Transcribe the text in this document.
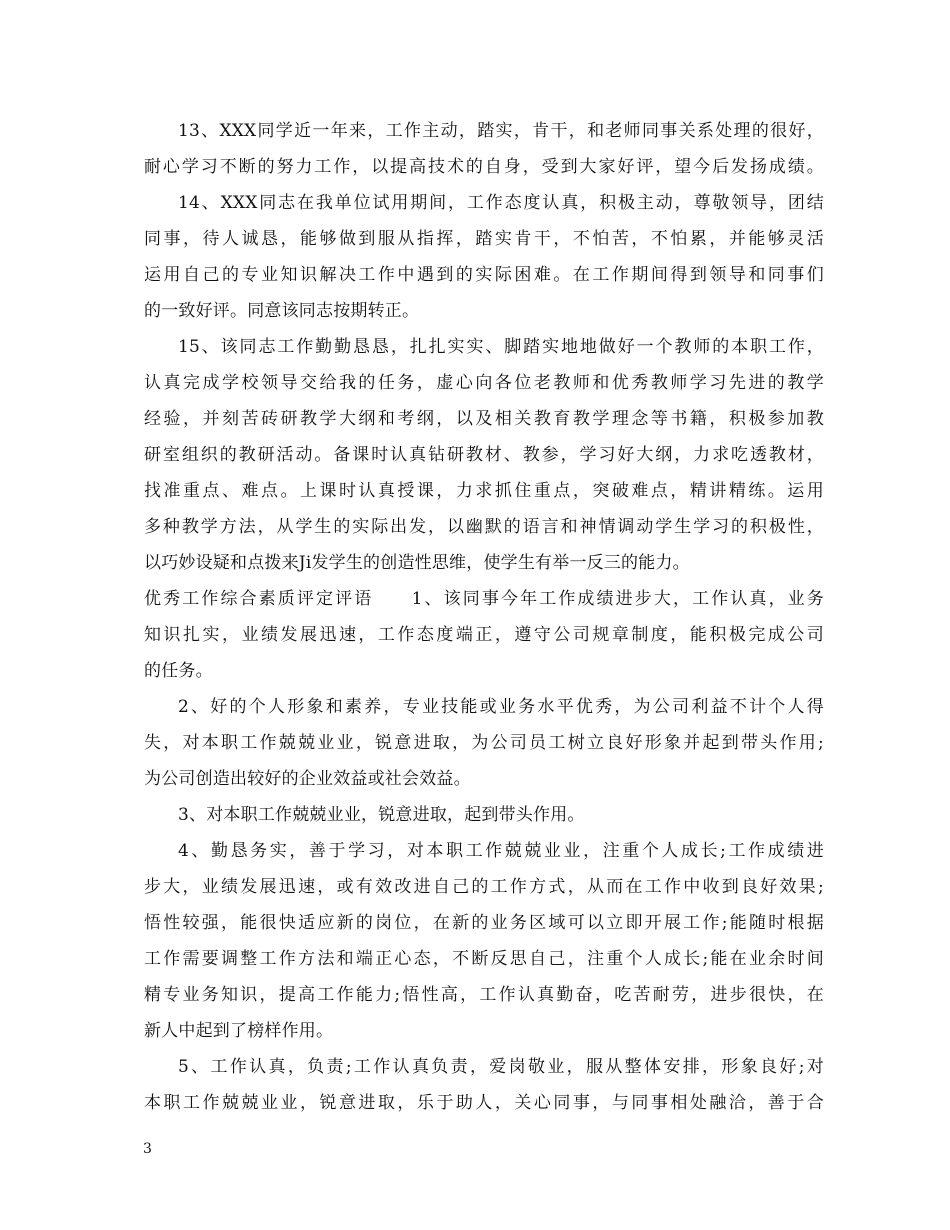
13、XXX同学近一年来，工作主动，踏实，肯干，和老师同事关系处理的很好，
耐心学习不断的努力工作，以提高技术的自身，受到大家好评，望今后发扬成绩。
14、XXX同志在我单位试用期间，工作态度认真，积极主动，尊敬领导，团结
同事，待人诚恳，能够做到服从指挥，踏实肯干，不怕苦，不怕累，并能够灵活
运用自己的专业知识解决工作中遇到的实际困难。在工作期间得到领导和同事们
的一致好评。同意该同志按期转正。
15、该同志工作勤勤恳恳，扎扎实实、脚踏实地地做好一个教师的本职工作，
认真完成学校领导交给我的任务，虚心向各位老教师和优秀教师学习先进的教学
经验，并刻苦砖研教学大纲和考纲，以及相关教育教学理念等书籍，积极参加教
研室组织的教研活动。备课时认真钻研教材、教参，学习好大纲，力求吃透教材，
找准重点、难点。上课时认真授课，力求抓住重点，突破难点，精讲精练。运用
多种教学方法，从学生的实际出发，以幽默的语言和神情调动学生学习的积极性，
以巧妙设疑和点拨来Ji发学生的创造性思维，使学生有举一反三的能力。
优秀工作综合素质评定评语　　1、该同事今年工作成绩进步大，工作认真，业务
知识扎实，业绩发展迅速，工作态度端正，遵守公司规章制度，能积极完成公司
的任务。
2、好的个人形象和素养，专业技能或业务水平优秀，为公司利益不计个人得
失，对本职工作兢兢业业，锐意进取，为公司员工树立良好形象并起到带头作用;
为公司创造出较好的企业效益或社会效益。
3、对本职工作兢兢业业，锐意进取，起到带头作用。
4、勤恳务实，善于学习，对本职工作兢兢业业，注重个人成长;工作成绩进
步大，业绩发展迅速，或有效改进自己的工作方式，从而在工作中收到良好效果;
悟性较强，能很快适应新的岗位，在新的业务区域可以立即开展工作;能随时根据
工作需要调整工作方法和端正心态，不断反思自己，注重个人成长;能在业余时间
精专业务知识，提高工作能力;悟性高，工作认真勤奋，吃苦耐劳，进步很快，在
新人中起到了榜样作用。
5、工作认真，负责;工作认真负责，爱岗敬业，服从整体安排，形象良好;对
本职工作兢兢业业，锐意进取，乐于助人，关心同事，与同事相处融洽，善于合
3
